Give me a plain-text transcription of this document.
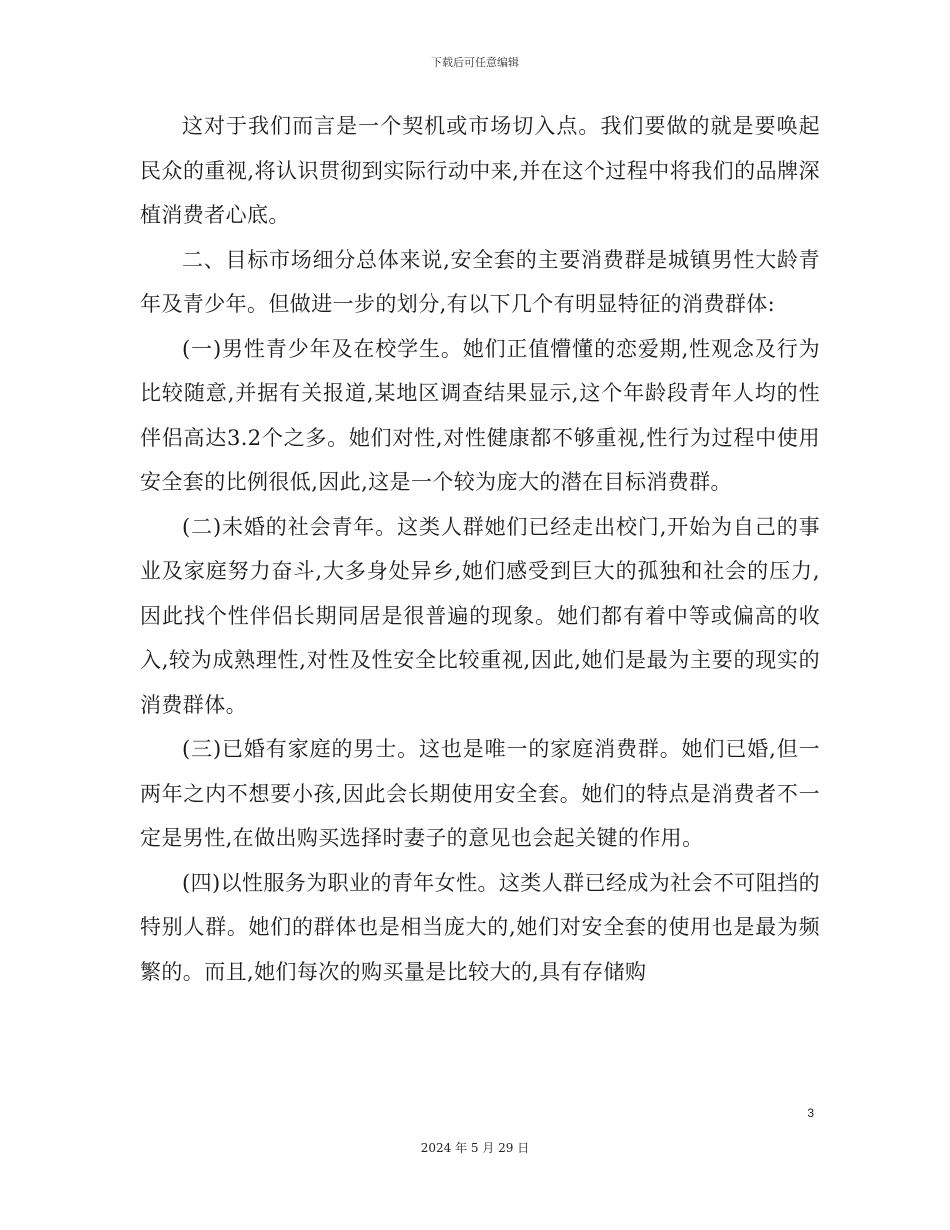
下载后可任意编辑

这对于我们而言是一个契机或市场切入点。我们要做的就是要唤起民众的重视,将认识贯彻到实际行动中来,并在这个过程中将我们的品牌深植消费者心底。

二、目标市场细分总体来说,安全套的主要消费群是城镇男性大龄青年及青少年。但做进一步的划分,有以下几个有明显特征的消费群体:

(一)男性青少年及在校学生。她们正值懵懂的恋爱期,性观念及行为比较随意,并据有关报道,某地区调查结果显示,这个年龄段青年人均的性伴侣高达3.2个之多。她们对性,对性健康都不够重视,性行为过程中使用安全套的比例很低,因此,这是一个较为庞大的潜在目标消费群。

(二)未婚的社会青年。这类人群她们已经走出校门,开始为自己的事业及家庭努力奋斗,大多身处异乡,她们感受到巨大的孤独和社会的压力,因此找个性伴侣长期同居是很普遍的现象。她们都有着中等或偏高的收入,较为成熟理性,对性及性安全比较重视,因此,她们是最为主要的现实的消费群体。

(三)已婚有家庭的男士。这也是唯一的家庭消费群。她们已婚,但一两年之内不想要小孩,因此会长期使用安全套。她们的特点是消费者不一定是男性,在做出购买选择时妻子的意见也会起关键的作用。

(四)以性服务为职业的青年女性。这类人群已经成为社会不可阻挡的特别人群。她们的群体也是相当庞大的,她们对安全套的使用也是最为频繁的。而且,她们每次的购买量是比较大的,具有存储购

3
2024 年 5 月 29 日
